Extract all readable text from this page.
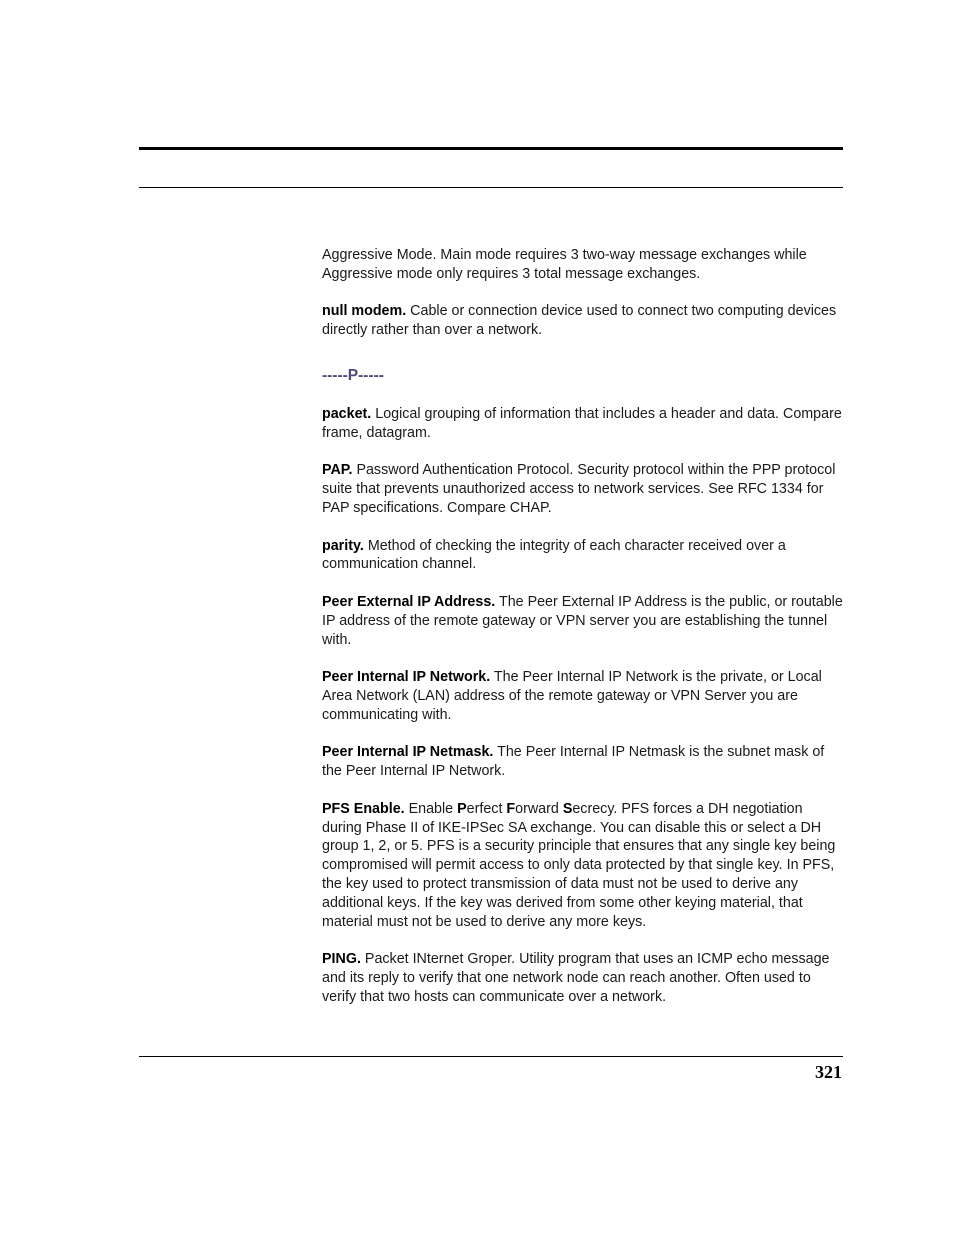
Aggressive Mode. Main mode requires 3 two-way message exchanges while Aggressive mode only requires 3 total message exchanges.

null modem. Cable or connection device used to connect two computing devices directly rather than over a network.

-----P-----

packet. Logical grouping of information that includes a header and data. Compare frame, datagram.

PAP. Password Authentication Protocol. Security protocol within the PPP protocol suite that prevents unauthorized access to network services. See RFC 1334 for PAP specifications. Compare CHAP.

parity. Method of checking the integrity of each character received over a communication channel.

Peer External IP Address. The Peer External IP Address is the public, or routable IP address of the remote gateway or VPN server you are establishing the tunnel with.

Peer Internal IP Network. The Peer Internal IP Network is the private, or Local Area Network (LAN) address of the remote gateway or VPN Server you are communicating with.

Peer Internal IP Netmask. The Peer Internal IP Netmask is the subnet mask of the Peer Internal IP Network.

PFS Enable. Enable Perfect Forward Secrecy. PFS forces a DH negotiation during Phase II of IKE-IPSec SA exchange. You can disable this or select a DH group 1, 2, or 5. PFS is a security principle that ensures that any single key being compromised will permit access to only data protected by that single key. In PFS, the key used to protect transmission of data must not be used to derive any additional keys. If the key was derived from some other keying material, that material must not be used to derive any more keys.

PING. Packet INternet Groper. Utility program that uses an ICMP echo message and its reply to verify that one network node can reach another. Often used to verify that two hosts can communicate over a network.

321
